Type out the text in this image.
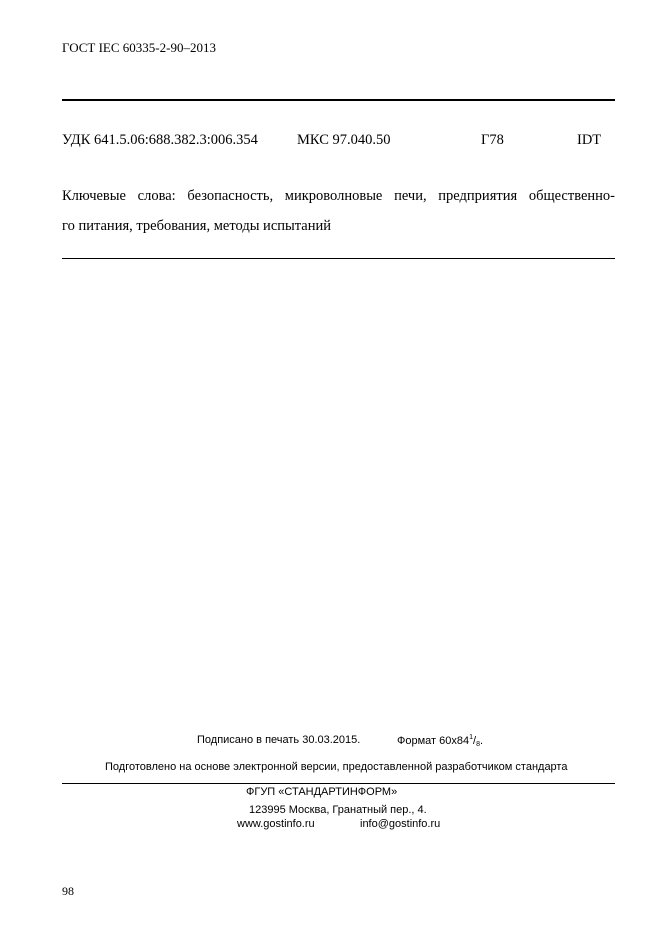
ГОСТ IEC 60335-2-90–2013
УДК 641.5.06:688.382.3:006.354	МКС 97.040.50	Г78	IDT
Ключевые слова: безопасность, микроволновые печи, предприятия общественно-
го питания, требования, методы испытаний
Подписано в печать 30.03.2015.	Формат $60x84^1/_8$.
Подготовлено на основе электронной версии, предоставленной разработчиком стандарта
ФГУП «СТАНДАРТИНФОРМ»
123995 Москва, Гранатный пер., 4.
www.gostinfo.ru	info@gostinfo.ru
98
